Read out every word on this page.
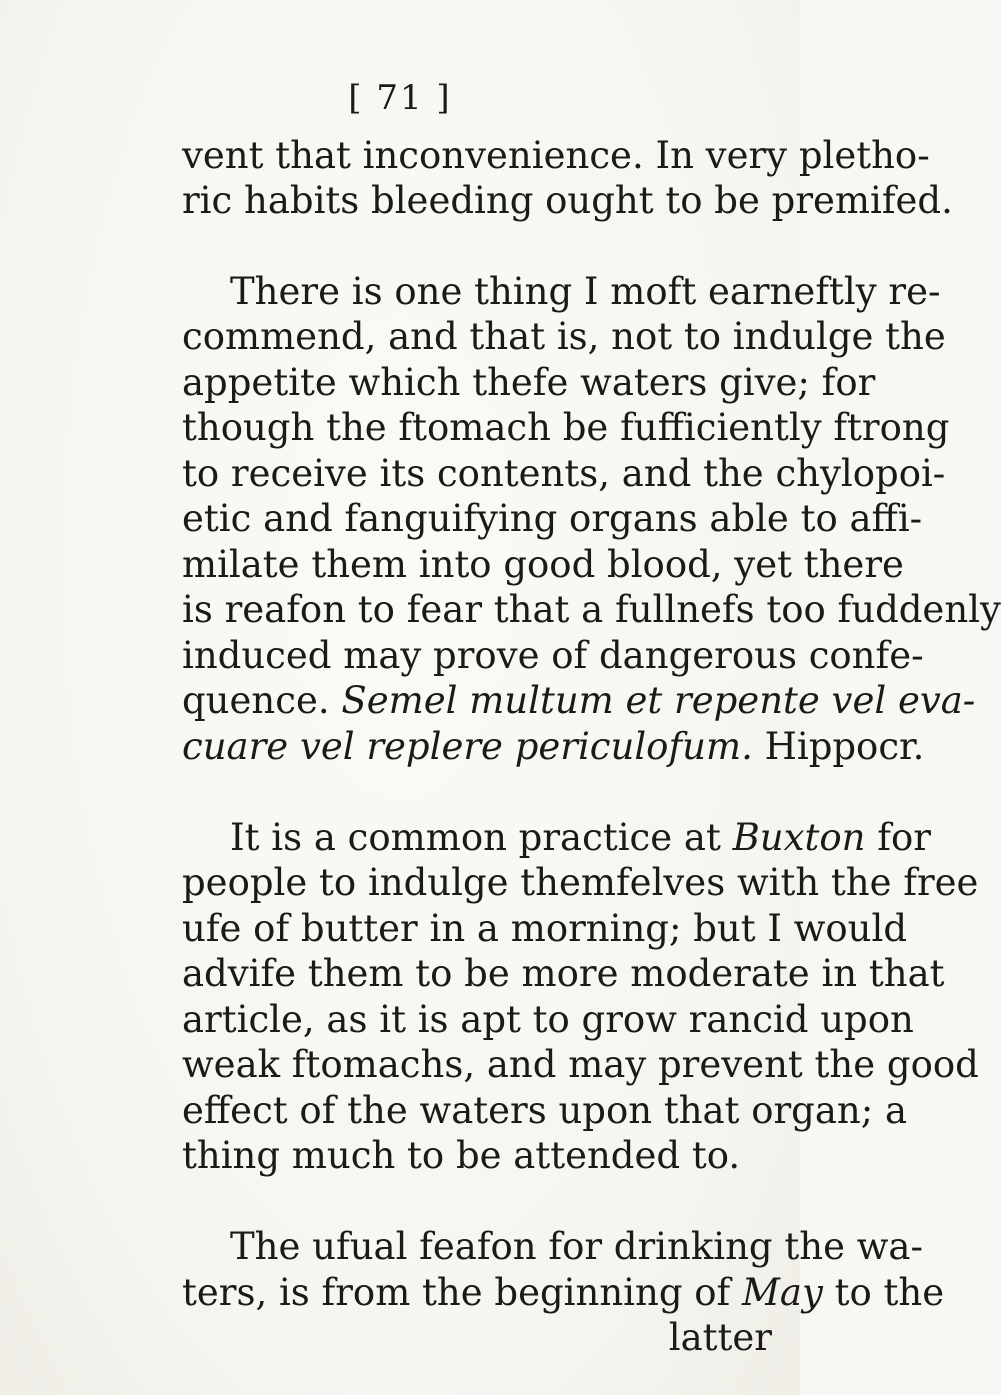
[ 71 ]
vent that inconvenience. In very pletho-
ric habits bleeding ought to be premifed.
There is one thing I moft earneftly re-
commend, and that is, not to indulge the
appetite which thefe waters give; for
though the ftomach be fufficiently ftrong
to receive its contents, and the chylopoi-
etic and fanguifying organs able to affi-
milate them into good blood, yet there
is reafon to fear that a fullnefs too fuddenly
induced may prove of dangerous confe-
quence. Semel multum et repente vel eva-
cuare vel replere periculofum. Hippocr.
It is a common practice at Buxton for
people to indulge themfelves with the free
ufe of butter in a morning; but I would
advife them to be more moderate in that
article, as it is apt to grow rancid upon
weak ftomachs, and may prevent the good
effect of the waters upon that organ; a
thing much to be attended to.
The ufual feafon for drinking the wa-
ters, is from the beginning of May to the
latter
